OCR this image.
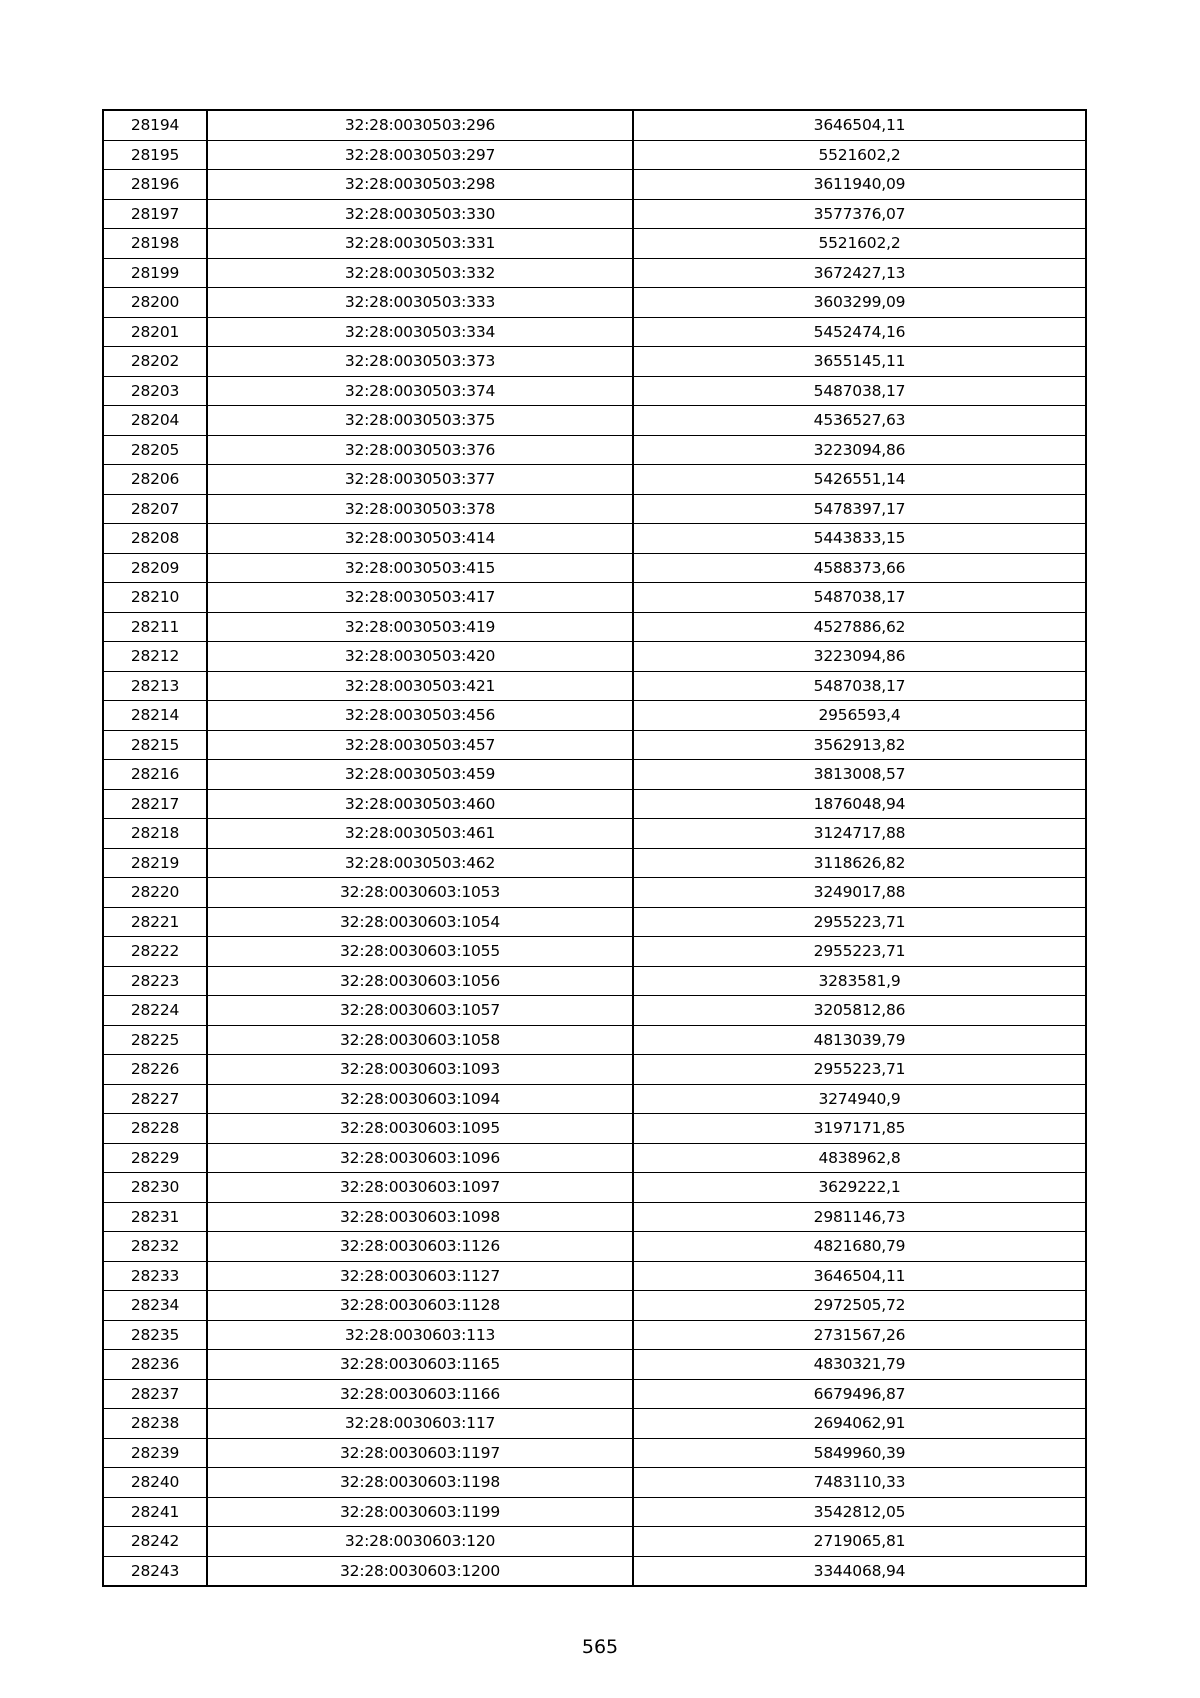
28194	32:28:0030503:296	3646504,11
28195	32:28:0030503:297	5521602,2
28196	32:28:0030503:298	3611940,09
28197	32:28:0030503:330	3577376,07
28198	32:28:0030503:331	5521602,2
28199	32:28:0030503:332	3672427,13
28200	32:28:0030503:333	3603299,09
28201	32:28:0030503:334	5452474,16
28202	32:28:0030503:373	3655145,11
28203	32:28:0030503:374	5487038,17
28204	32:28:0030503:375	4536527,63
28205	32:28:0030503:376	3223094,86
28206	32:28:0030503:377	5426551,14
28207	32:28:0030503:378	5478397,17
28208	32:28:0030503:414	5443833,15
28209	32:28:0030503:415	4588373,66
28210	32:28:0030503:417	5487038,17
28211	32:28:0030503:419	4527886,62
28212	32:28:0030503:420	3223094,86
28213	32:28:0030503:421	5487038,17
28214	32:28:0030503:456	2956593,4
28215	32:28:0030503:457	3562913,82
28216	32:28:0030503:459	3813008,57
28217	32:28:0030503:460	1876048,94
28218	32:28:0030503:461	3124717,88
28219	32:28:0030503:462	3118626,82
28220	32:28:0030603:1053	3249017,88
28221	32:28:0030603:1054	2955223,71
28222	32:28:0030603:1055	2955223,71
28223	32:28:0030603:1056	3283581,9
28224	32:28:0030603:1057	3205812,86
28225	32:28:0030603:1058	4813039,79
28226	32:28:0030603:1093	2955223,71
28227	32:28:0030603:1094	3274940,9
28228	32:28:0030603:1095	3197171,85
28229	32:28:0030603:1096	4838962,8
28230	32:28:0030603:1097	3629222,1
28231	32:28:0030603:1098	2981146,73
28232	32:28:0030603:1126	4821680,79
28233	32:28:0030603:1127	3646504,11
28234	32:28:0030603:1128	2972505,72
28235	32:28:0030603:113	2731567,26
28236	32:28:0030603:1165	4830321,79
28237	32:28:0030603:1166	6679496,87
28238	32:28:0030603:117	2694062,91
28239	32:28:0030603:1197	5849960,39
28240	32:28:0030603:1198	7483110,33
28241	32:28:0030603:1199	3542812,05
28242	32:28:0030603:120	2719065,81
28243	32:28:0030603:1200	3344068,94
565
